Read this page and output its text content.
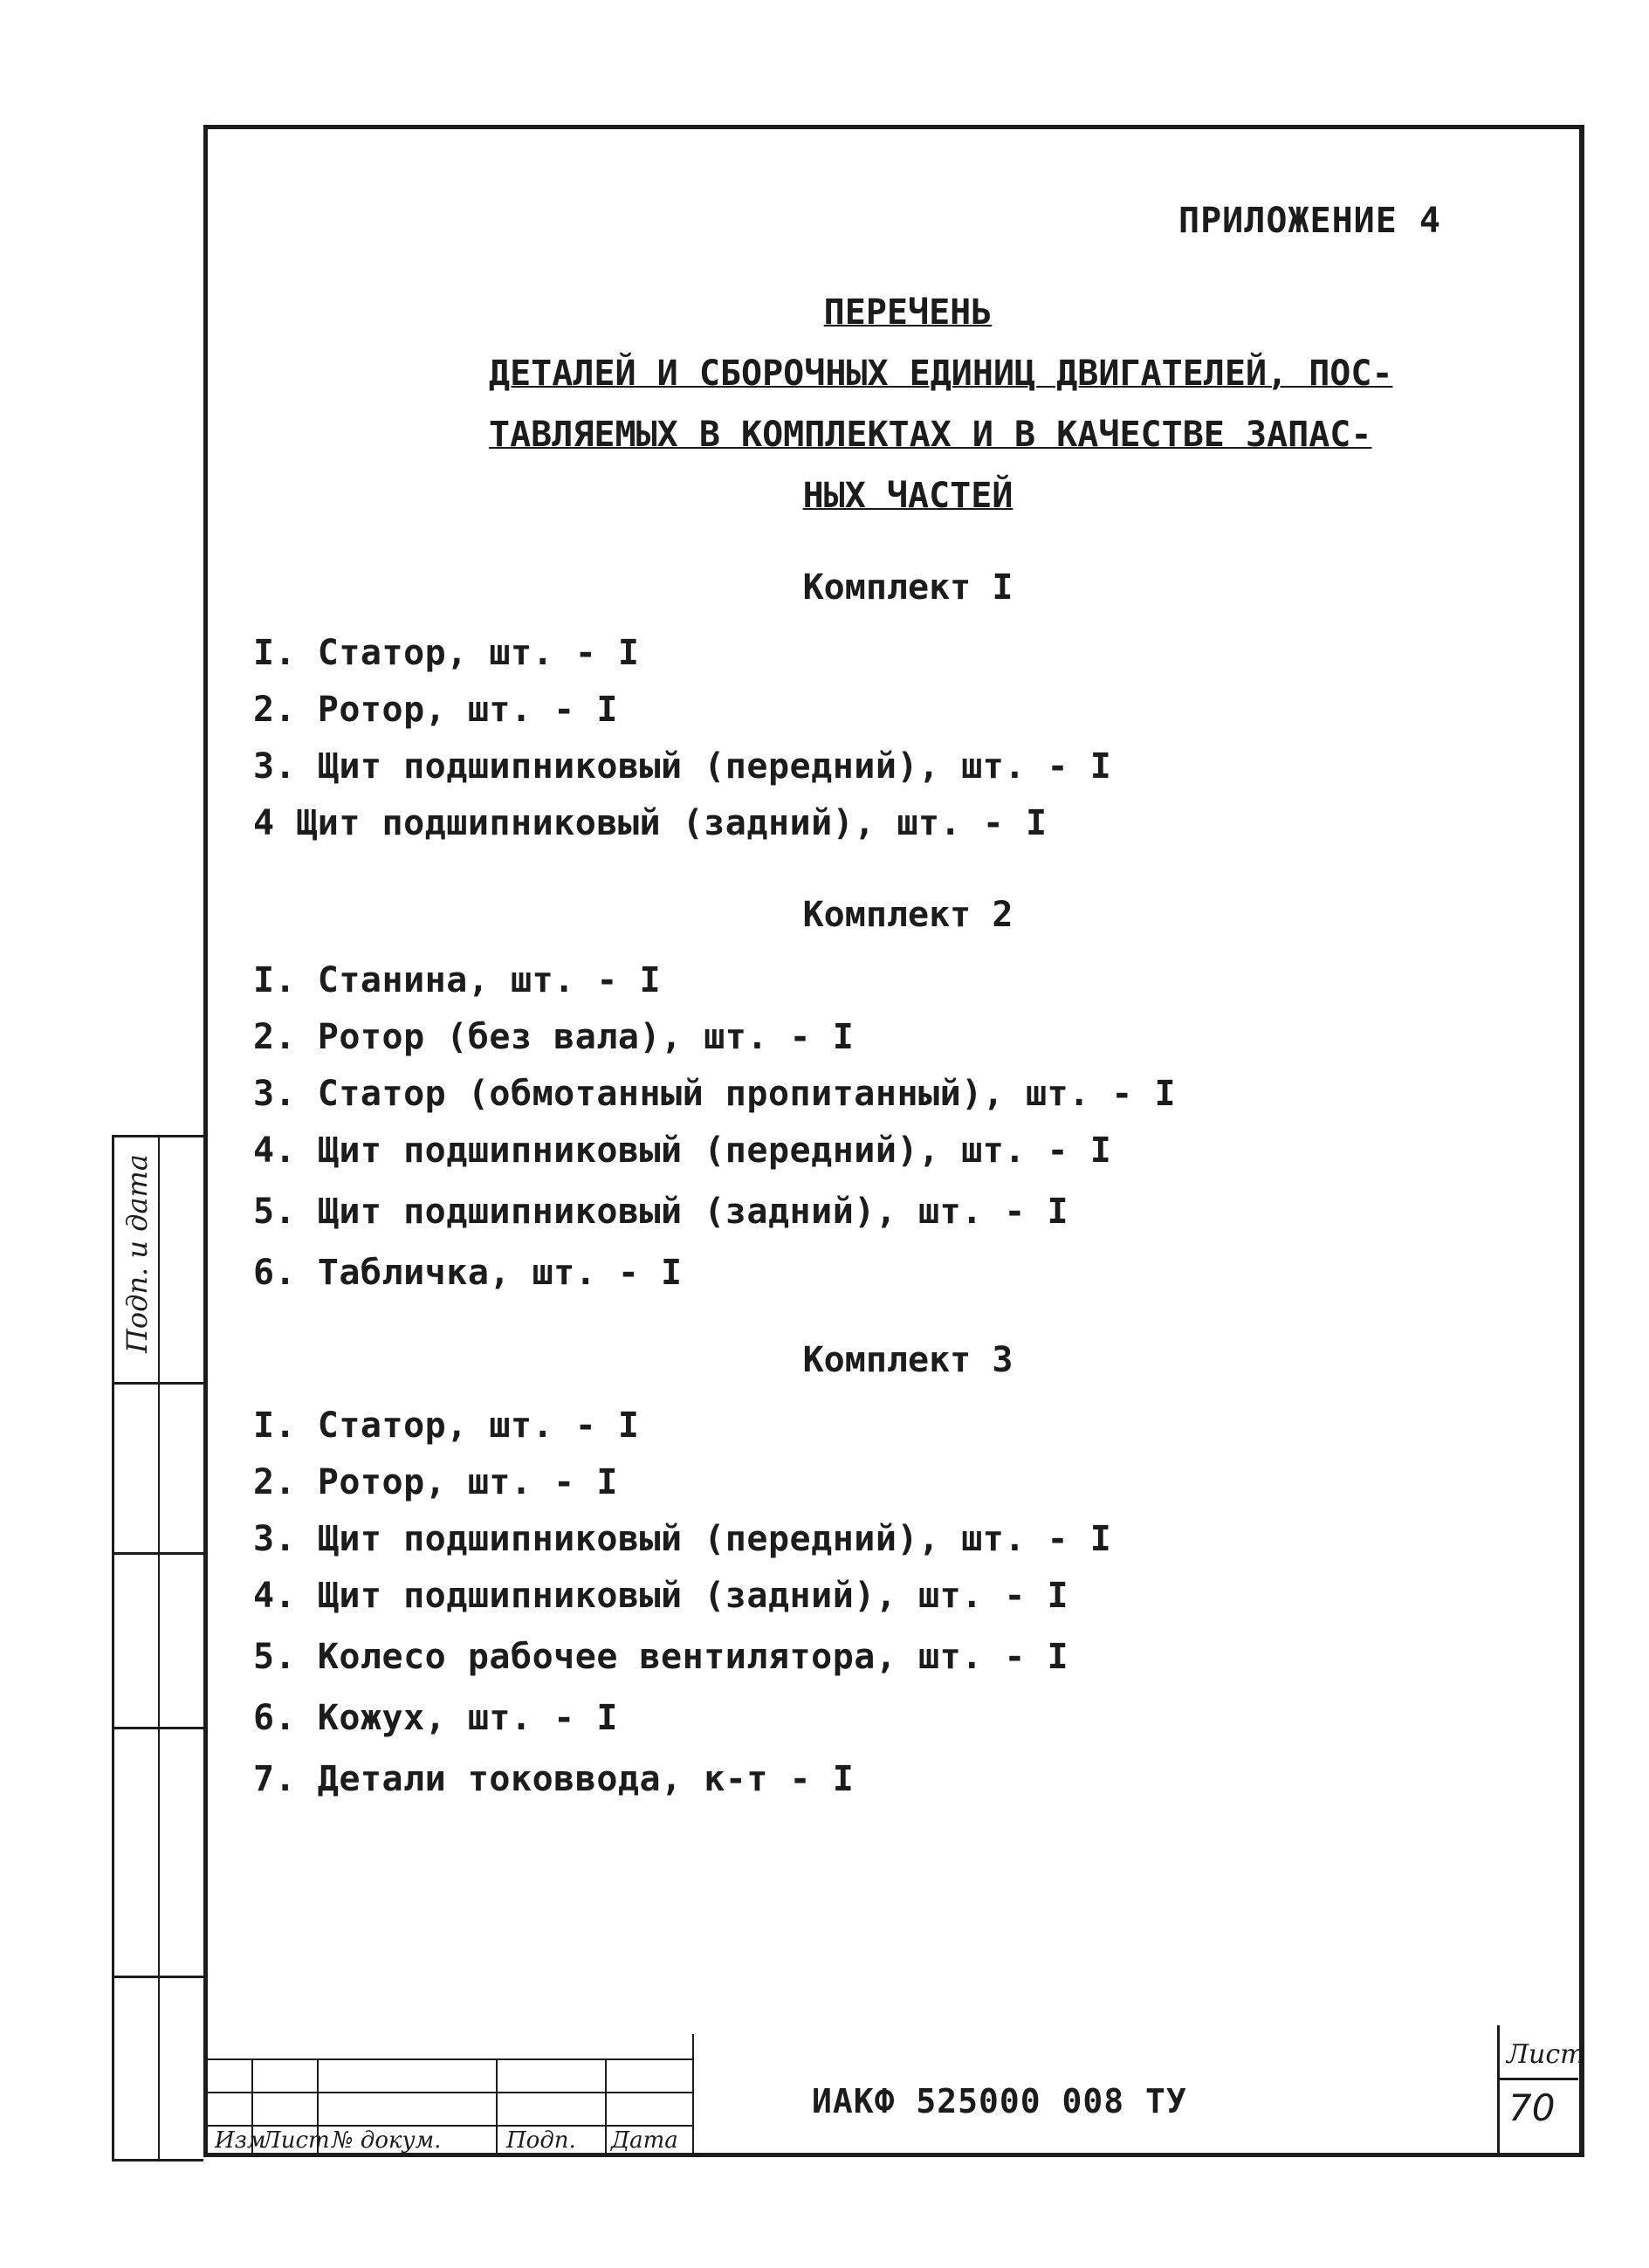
ПРИЛОЖЕНИЕ 4
ПЕРЕЧЕНЬ
ДЕТАЛЕЙ И СБОРОЧНЫХ ЕДИНИЦ ДВИГАТЕЛЕЙ, ПОС-
ТАВЛЯЕМЫХ В КОМПЛЕКТАХ И В КАЧЕСТВЕ ЗАПАС-
НЫХ ЧАСТЕЙ
Комплект I
I. Статор, шт. - I
2. Ротор, шт. - I
3. Щит подшипниковый (передний), шт. - I
4 Щит подшипниковый (задний), шт. - I
Комплект 2
I. Станина, шт. - I
2. Ротор (без вала), шт. - I
3. Статор (обмотанный пропитанный), шт. - I
4. Щит подшипниковый (передний), шт. - I
5. Щит подшипниковый (задний), шт. - I
6. Табличка, шт. - I
Комплект 3
I. Статор, шт. - I
2. Ротор, шт. - I
3. Щит подшипниковый (передний), шт. - I
4. Щит подшипниковый (задний), шт. - I
5. Колесо рабочее вентилятора, шт. - I
6. Кожух, шт. - I
7. Детали токоввода, к-т - I
Подп. и дата
Изм
Лист № докум.	Подп. Дата
ИАКФ 525000 008 ТУ
Лист
70
